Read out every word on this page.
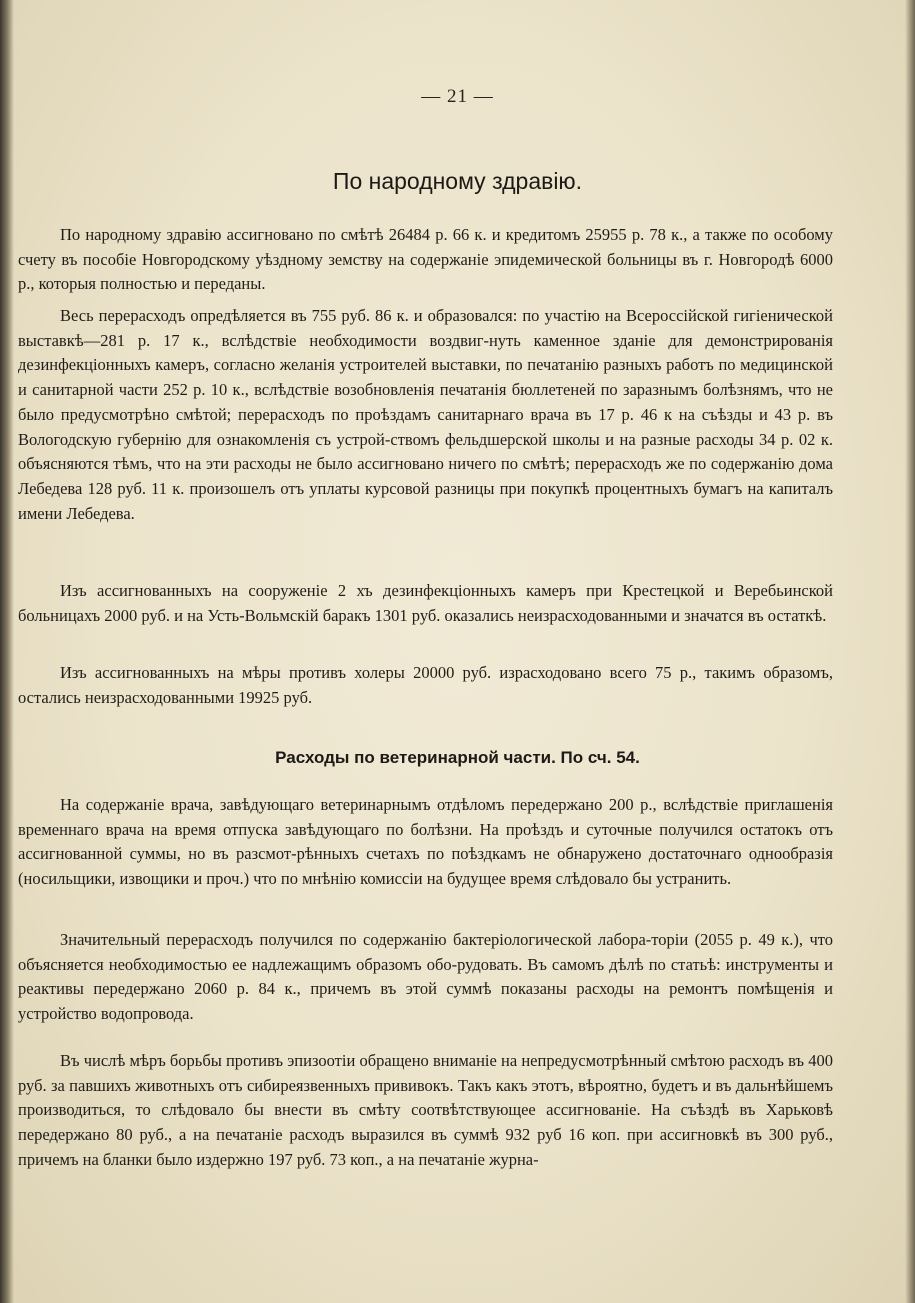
— 21 —
По народному здравію.

По народному здравію ассигновано по смѣтѣ 26484 р. 66 к. и кредитомъ 25955 р. 78 к., а также по особому счету въ пособіе Новгородскому уѣздному земству на содержаніе эпидемической больницы въ г. Новгородѣ 6000 р., которыя полностью и переданы.

Весь перерасходъ опредѣляется въ 755 руб. 86 к. и образовался: по участію на Всероссійской гигіенической выставкѣ—281 р. 17 к., вслѣдствіе необходимости воздвиг-нуть каменное зданіе для демонстрированія дезинфекціонныхъ камеръ, согласно желанія устроителей выставки, по печатанію разныхъ работъ по медицинской и санитарной части 252 р. 10 к., вслѣдствіе возобновленія печатанія бюллетеней по заразнымъ болѣзнямъ, что не было предусмотрѣно смѣтой; перерасходъ по проѣздамъ санитарнаго врача въ 17 р. 46 к на съѣзды и 43 р. въ Вологодскую губернію для ознакомленія съ устрой-ствомъ фельдшерской школы и на разные расходы 34 р. 02 к. объясняются тѣмъ, что на эти расходы не было ассигновано ничего по смѣтѣ; перерасходъ же по содержанію дома Лебедева 128 руб. 11 к. произошелъ отъ уплаты курсовой разницы при покупкѣ процентныхъ бумагъ на капиталъ имени Лебедева.

Изъ ассигнованныхъ на сооруженіе 2 хъ дезинфекціонныхъ камеръ при Крестецкой и Веребьинской больницахъ 2000 руб. и на Усть-Вольмскій баракъ 1301 руб. оказались неизрасходованными и значатся въ остаткѣ.

Изъ ассигнованныхъ на мѣры противъ холеры 20000 руб. израсходовано всего 75 р., такимъ образомъ, остались неизрасходованными 19925 руб.

Расходы по ветеринарной части. По сч. 54.

На содержаніе врача, завѣдующаго ветеринарнымъ отдѣломъ передержано 200 р., вслѣдствіе приглашенія временнаго врача на время отпуска завѣдующаго по болѣзни. На проѣздъ и суточные получился остатокъ отъ ассигнованной суммы, но въ разсмот-рѣнныхъ счетахъ по поѣздкамъ не обнаружено достаточнаго однообразія (носильщики, извощики и проч.) что по мнѣнію комиссіи на будущее время слѣдовало бы устранить.

Значительный перерасходъ получился по содержанію бактеріологической лабора-торіи (2055 р. 49 к.), что объясняется необходимостью ее надлежащимъ образомъ обо-рудовать. Въ самомъ дѣлѣ по статьѣ: инструменты и реактивы передержано 2060 р. 84 к., причемъ въ этой суммѣ показаны расходы на ремонтъ помѣщенія и устройство водопровода.

Въ числѣ мѣръ борьбы противъ эпизоотіи обращено вниманіе на непредусмотрѣнный смѣтою расходъ въ 400 руб. за павшихъ животныхъ отъ сибиреязвенныхъ прививокъ. Такъ какъ этотъ, вѣроятно, будетъ и въ дальнѣйшемъ производиться, то слѣдовало бы внести въ смѣту соотвѣтствующее ассигнованіе. На съѣздѣ въ Харьковѣ передержано 80 руб., а на печатаніе расходъ выразился въ суммѣ 932 руб 16 коп. при ассигновкѣ въ 300 руб., причемъ на бланки было издержно 197 руб. 73 коп., а на печатаніе журна-
